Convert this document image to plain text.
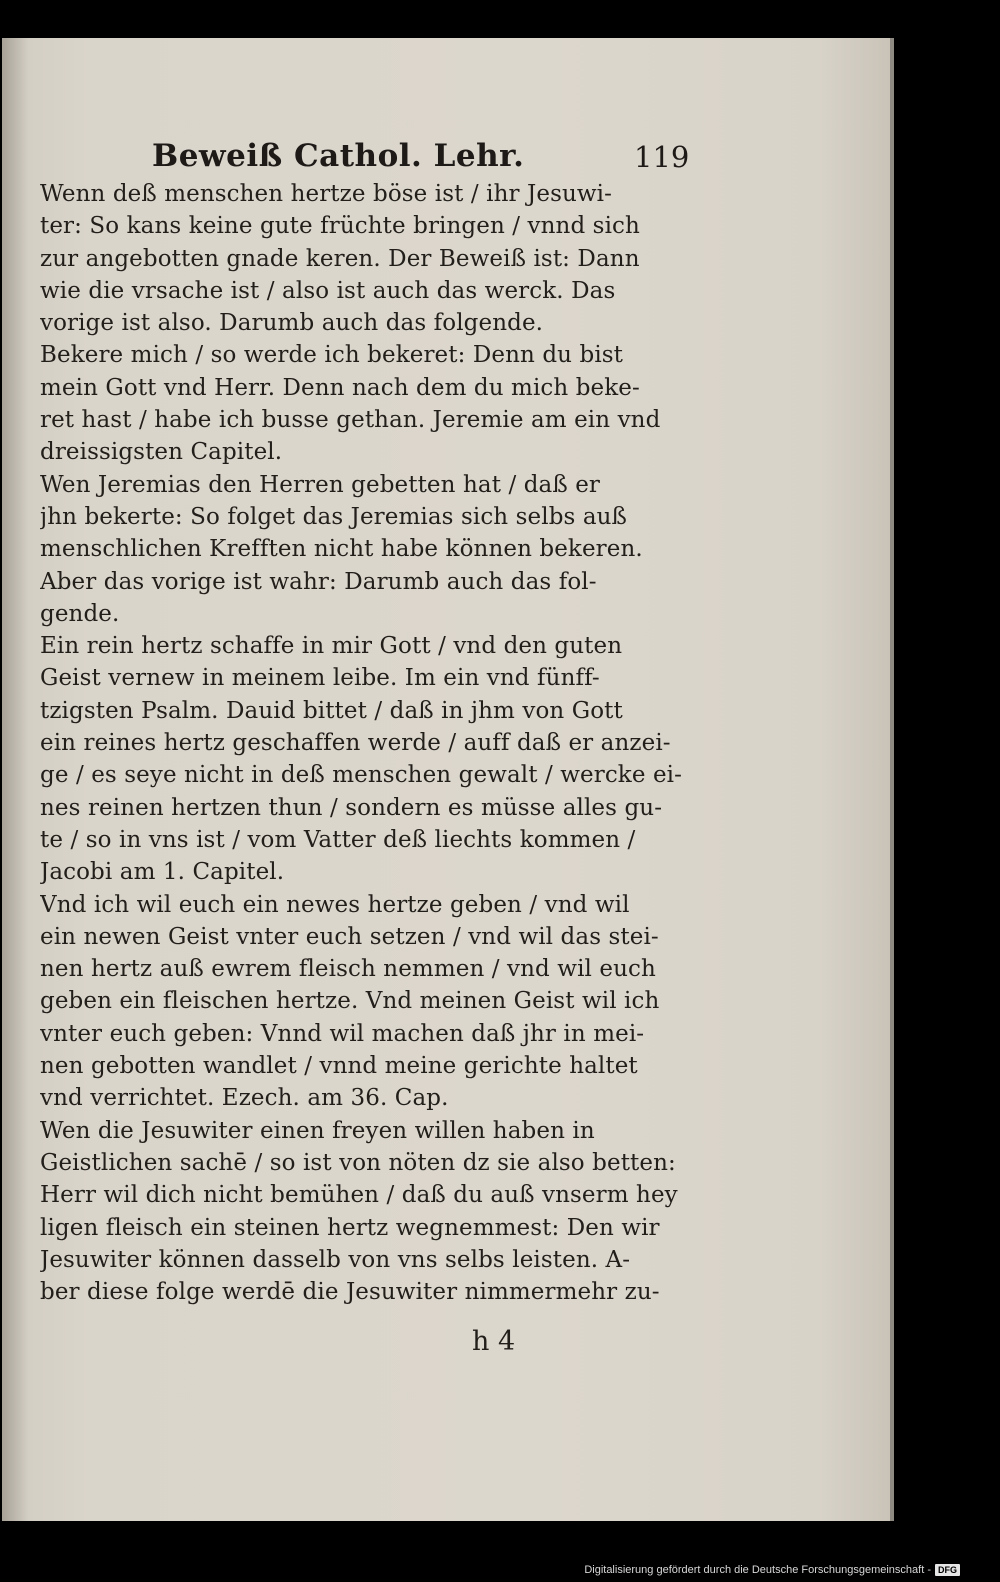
Beweiß Cathol. Lehr.	119
Wenn deß menschen hertze böse ist / ihr Jesuwi-
ter: So kans keine gute früchte bringen / vnnd sich
zur angebotten gnade keren. Der Beweiß ist: Dann
wie die vrsache ist / also ist auch das werck. Das
vorige ist also. Darumb auch das folgende.
Bekere mich / so werde ich bekeret: Denn du bist
mein Gott vnd Herr. Denn nach dem du mich beke-
ret hast / habe ich busse gethan. Jeremie am ein vnd
dreissigsten Capitel.
Wen Jeremias den Herren gebetten hat / daß er
jhn bekerte: So folget das Jeremias sich selbs auß
menschlichen Krefften nicht habe können bekeren.
Aber das vorige ist wahr: Darumb auch das fol-
gende.
Ein rein hertz schaffe in mir Gott / vnd den guten
Geist vernew in meinem leibe. Im ein vnd fünff-
tzigsten Psalm. Dauid bittet / daß in jhm von Gott
ein reines hertz geschaffen werde / auff daß er anzei-
ge / es seye nicht in deß menschen gewalt / wercke ei-
nes reinen hertzen thun / sondern es müsse alles gu-
te / so in vns ist / vom Vatter deß liechts kommen /
Jacobi am 1. Capitel.
Vnd ich wil euch ein newes hertze geben / vnd wil
ein newen Geist vnter euch setzen / vnd wil das stei-
nen hertz auß ewrem fleisch nemmen / vnd wil euch
geben ein fleischen hertze. Vnd meinen Geist wil ich
vnter euch geben: Vnnd wil machen daß jhr in mei-
nen gebotten wandlet / vnnd meine gerichte haltet
vnd verrichtet. Ezech. am 36. Cap.
Wen die Jesuwiter einen freyen willen haben in
Geistlichen sachē / so ist von nöten dz sie also betten:
Herr wil dich nicht bemühen / daß du auß vnserm hey
ligen fleisch ein steinen hertz wegnemmest: Den wir
Jesuwiter können dasselb von vns selbs leisten. A-
ber diese folge werdē die Jesuwiter nimmermehr zu-
h 4
Digitalisierung gefördert durch die Deutsche Forschungsgemeinschaft - DFG
